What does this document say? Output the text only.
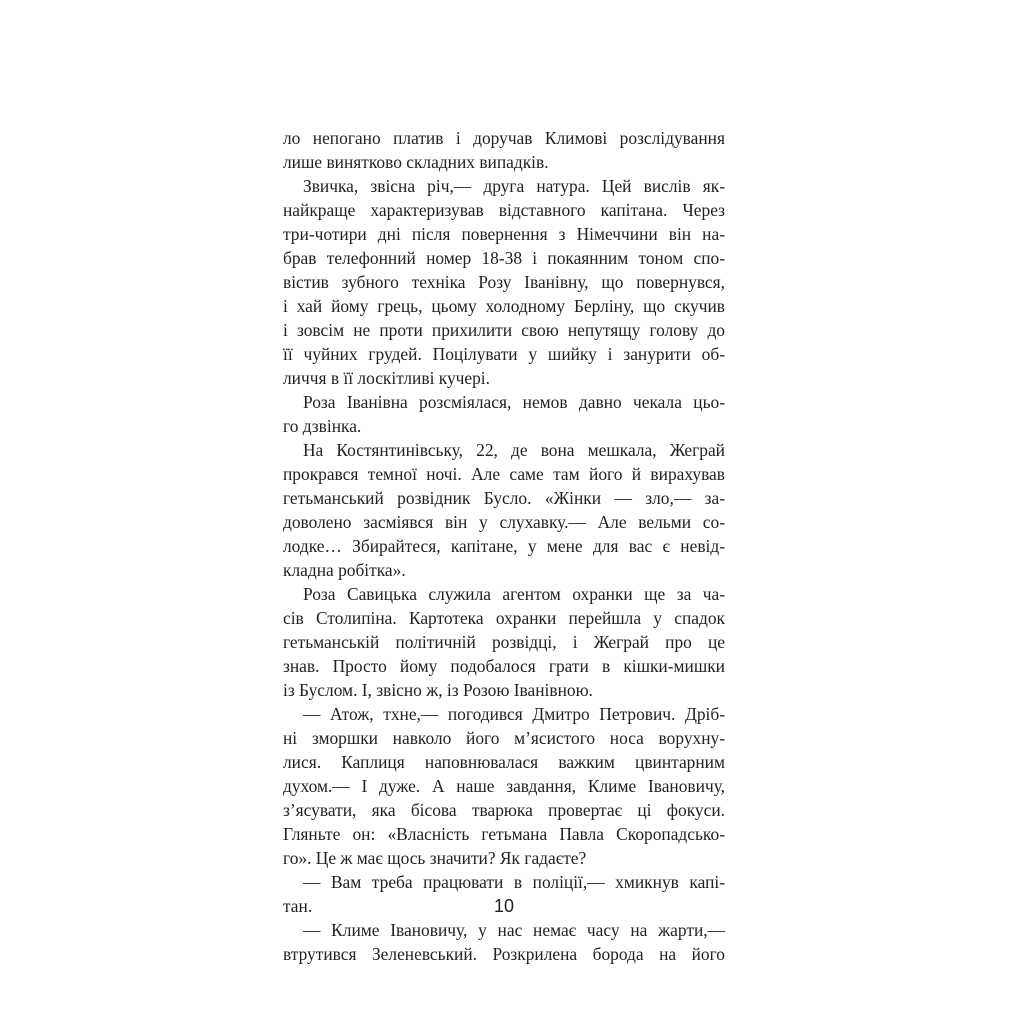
ло непогано платив і доручав Климові розслідування
лише винятково складних випадків.
Звичка, звісна річ,— друга натура. Цей вислів як-
найкраще характеризував відставного капітана. Через
три-чотири дні після повернення з Німеччини він на-
брав телефонний номер 18-38 і покаянним тоном спо-
вістив зубного техніка Розу Іванівну, що повернувся,
і хай йому грець, цьому холодному Берліну, що скучив
і зовсім не проти прихилити свою непутящу голову до
її чуйних грудей. Поцілувати у шийку і занурити об-
личчя в її лоскітливі кучері.
Роза Іванівна розсміялася, немов давно чекала цьо-
го дзвінка.
На Костянтинівську, 22, де вона мешкала, Жеграй
прокрався темної ночі. Але саме там його й вирахував
гетьманський розвідник Бусло. «Жінки — зло,— за-
доволено засміявся він у слухавку.— Але вельми со-
лодке… Збирайтеся, капітане, у мене для вас є невід-
кладна робітка».
Роза Савицька служила агентом охранки ще за ча-
сів Столипіна. Картотека охранки перейшла у спадок
гетьманській політичній розвідці, і Жеграй про це
знав. Просто йому подобалося грати в кішки-мишки
із Буслом. І, звісно ж, із Розою Іванівною.
— Атож, тхне,— погодився Дмитро Петрович. Дріб-
ні зморшки навколо його м’ясистого носа ворухну-
лися. Каплиця наповнювалася важким цвинтарним
духом.— І дуже. А наше завдання, Климе Івановичу,
з’ясувати, яка бісова тварюка провертає ці фокуси.
Гляньте он: «Власність гетьмана Павла Скоропадсько-
го». Це ж має щось значити? Як гадаєте?
— Вам треба працювати в поліції,— хмикнув капі-
тан.
— Климе Івановичу, у нас немає часу на жарти,—
втрутився Зеленевський. Розкрилена борода на його
10
